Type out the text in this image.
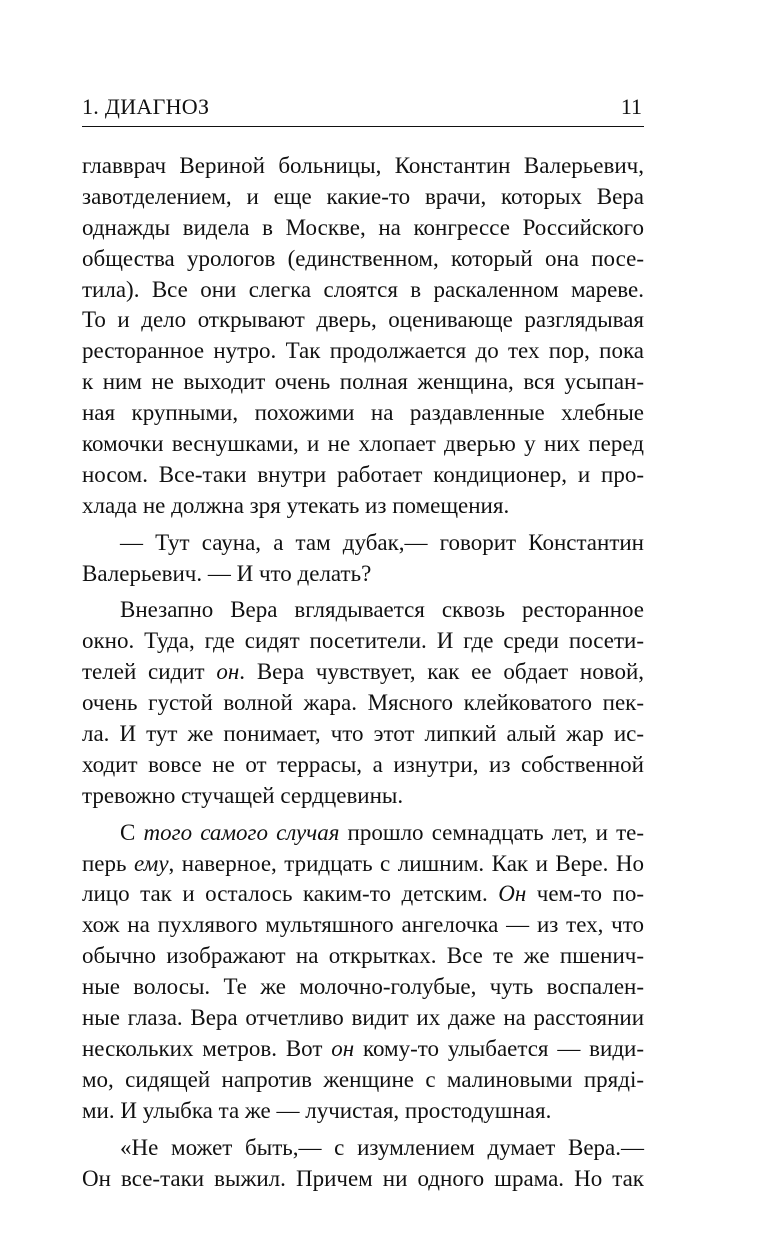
1. ДИАГНОЗ	11
главврач Вериной больницы, Константин Валерьевич,
завотделением, и еще какие-то врачи, которых Вера
однажды видела в Москве, на конгрессе Российского
общества урологов (единственном, который она посе-
тила). Все они слегка слоятся в раскаленном мареве.
То и дело открывают дверь, оценивающе разглядывая
ресторанное нутро. Так продолжается до тех пор, пока
к ним не выходит очень полная женщина, вся усыпан-
ная крупными, похожими на раздавленные хлебные
комочки веснушками, и не хлопает дверью у них перед
носом. Все-таки внутри работает кондиционер, и про-
хлада не должна зря утекать из помещения.
— Тут сауна, а там дубак,— говорит Константин
Валерьевич. — И что делать?
Внезапно Вера вглядывается сквозь ресторанное
окно. Туда, где сидят посетители. И где среди посети-
телей сидит он. Вера чувствует, как ее обдает новой,
очень густой волной жара. Мясного клейковатого пек-
ла. И тут же понимает, что этот липкий алый жар ис-
ходит вовсе не от террасы, а изнутри, из собственной
тревожно стучащей сердцевины.
С того самого случая прошло семнадцать лет, и те-
перь ему, наверное, тридцать с лишним. Как и Вере. Но
лицо так и осталось каким-то детским. Он чем-то по-
хож на пухлявого мультяшного ангелочка — из тех, что
обычно изображают на открытках. Все те же пшенич-
ные волосы. Те же молочно-голубые, чуть воспален-
ные глаза. Вера отчетливо видит их даже на расстоянии
нескольких метров. Вот он кому-то улыбается — види-
мо, сидящей напротив женщине с малиновыми пряді-
ми. И улыбка та же — лучистая, простодушная.
«Не может быть,— с изумлением думает Вера.—
Он все-таки выжил. Причем ни одного шрама. Но так
